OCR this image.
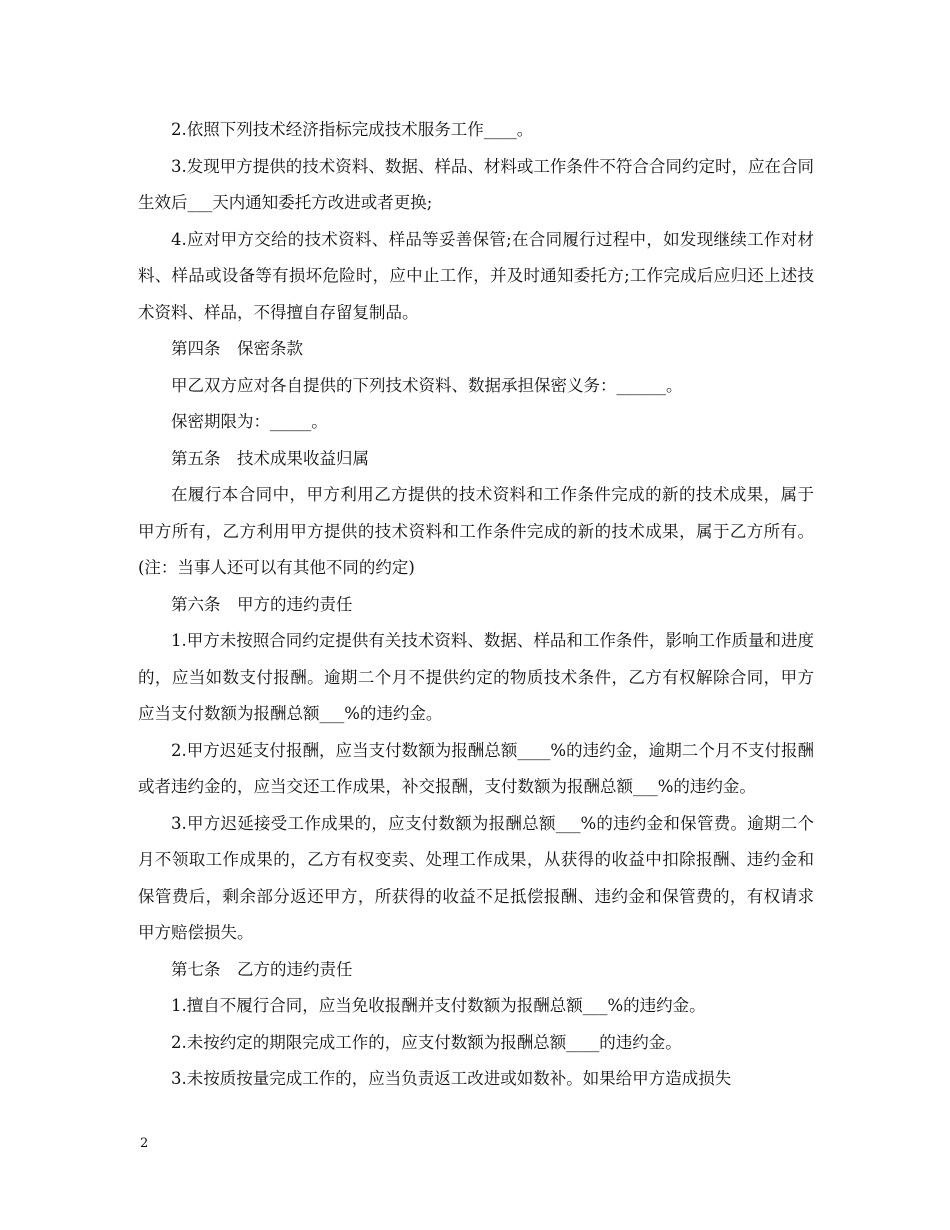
2.依照下列技术经济指标完成技术服务工作____。

3.发现甲方提供的技术资料、数据、样品、材料或工作条件不符合合同约定时，应在合同生效后___天内通知委托方改进或者更换;

4.应对甲方交给的技术资料、样品等妥善保管;在合同履行过程中，如发现继续工作对材料、样品或设备等有损坏危险时，应中止工作，并及时通知委托方;工作完成后应归还上述技术资料、样品，不得擅自存留复制品。

第四条　保密条款

甲乙双方应对各自提供的下列技术资料、数据承担保密义务：______。

保密期限为：_____。

第五条　技术成果收益归属

在履行本合同中，甲方利用乙方提供的技术资料和工作条件完成的新的技术成果，属于甲方所有，乙方利用甲方提供的技术资料和工作条件完成的新的技术成果，属于乙方所有。(注：当事人还可以有其他不同的约定)

第六条　甲方的违约责任

1.甲方未按照合同约定提供有关技术资料、数据、样品和工作条件，影响工作质量和进度的，应当如数支付报酬。逾期二个月不提供约定的物质技术条件，乙方有权解除合同，甲方应当支付数额为报酬总额___%的违约金。

2.甲方迟延支付报酬，应当支付数额为报酬总额____%的违约金，逾期二个月不支付报酬或者违约金的，应当交还工作成果，补交报酬，支付数额为报酬总额___%的违约金。

3.甲方迟延接受工作成果的，应支付数额为报酬总额___%的违约金和保管费。逾期二个月不领取工作成果的，乙方有权变卖、处理工作成果，从获得的收益中扣除报酬、违约金和保管费后，剩余部分返还甲方，所获得的收益不足抵偿报酬、违约金和保管费的，有权请求甲方赔偿损失。

第七条　乙方的违约责任

1.擅自不履行合同，应当免收报酬并支付数额为报酬总额___%的违约金。

2.未按约定的期限完成工作的，应支付数额为报酬总额____的违约金。

3.未按质按量完成工作的，应当负责返工改进或如数补。如果给甲方造成损失

2
